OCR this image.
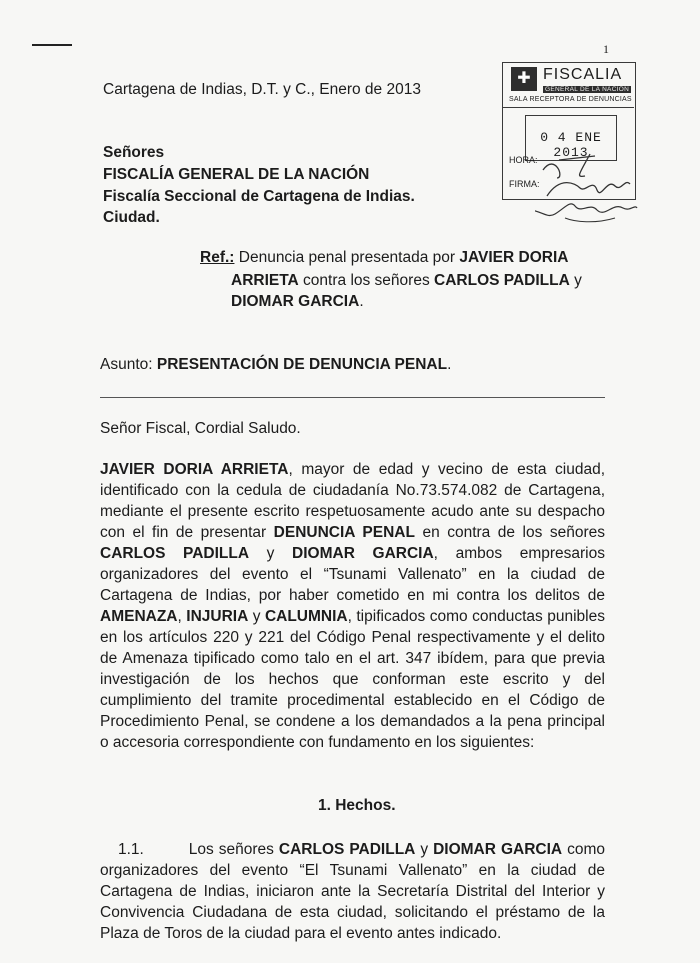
1
Cartagena de Indias, D.T. y C., Enero de 2013
Señores
FISCALÍA GENERAL DE LA NACIÓN
Fiscalía Seccional de Cartagena de Indias.
Ciudad.
✚ FISCALIA
GENERAL DE LA NACION
SALA RECEPTORA DE DENUNCIAS
0 4 ENE 2013
HORA:
FIRMA:
Ref.: Denuncia penal presentada por JAVIER DORIA
ARRIETA contra los señores CARLOS PADILLA y
DIOMAR GARCIA.
Asunto: PRESENTACIÓN DE DENUNCIA PENAL.
Señor Fiscal, Cordial Saludo.

JAVIER DORIA ARRIETA, mayor de edad y vecino de esta ciudad, identificado con la cedula de ciudadanía No.73.574.082 de Cartagena, mediante el presente escrito respetuosamente acudo ante su despacho con el fin de presentar DENUNCIA PENAL en contra de los señores CARLOS PADILLA y DIOMAR GARCIA, ambos empresarios organizadores del evento el “Tsunami Vallenato” en la ciudad de Cartagena de Indias, por haber cometido en mi contra los delitos de AMENAZA, INJURIA y CALUMNIA, tipificados como conductas punibles en los artículos 220 y 221 del Código Penal respectivamente y el delito de Amenaza tipificado como talo en el art. 347 ibídem, para que previa investigación de los hechos que conforman este escrito y del cumplimiento del tramite procedimental establecido en el Código de Procedimiento Penal, se condene a los demandados a la pena principal o accesoria correspondiente con fundamento en los siguientes:

1. Hechos.

1.1.         Los señores CARLOS PADILLA y DIOMAR GARCIA como organizadores del evento “El Tsunami Vallenato” en la ciudad de Cartagena de Indias, iniciaron ante la Secretaría Distrital del Interior y Convivencia Ciudadana de esta ciudad, solicitando el préstamo de la Plaza de Toros de la ciudad para el evento antes indicado.
